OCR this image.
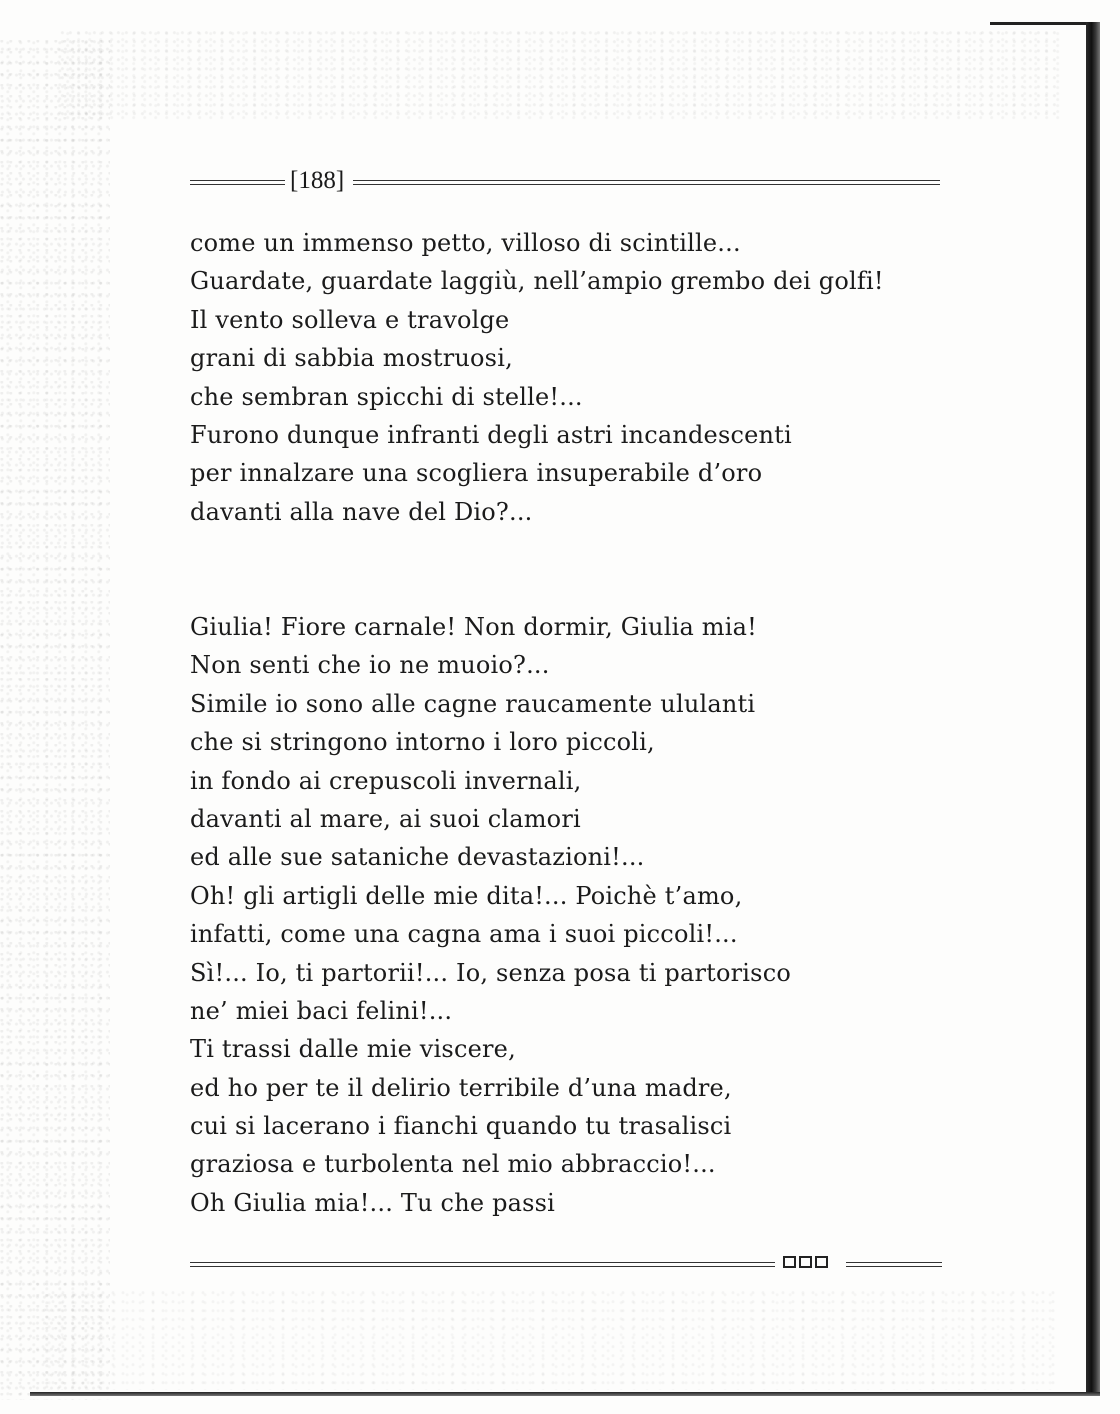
[188]
come un immenso petto, villoso di scintille...
Guardate, guardate laggiù, nell’ampio grembo dei golfi!
Il vento solleva e travolge
grani di sabbia mostruosi,
che sembran spicchi di stelle!...
Furono dunque infranti degli astri incandescenti
per innalzare una scogliera insuperabile d’oro
davanti alla nave del Dio?...
Giulia! Fiore carnale! Non dormir, Giulia mia!
Non senti che io ne muoio?...
Simile io sono alle cagne raucamente ululanti
che si stringono intorno i loro piccoli,
in fondo ai crepuscoli invernali,
davanti al mare, ai suoi clamori
ed alle sue sataniche devastazioni!...
Oh! gli artigli delle mie dita!... Poichè t’amo,
infatti, come una cagna ama i suoi piccoli!...
Sì!... Io, ti partorii!... Io, senza posa ti partorisco
ne’ miei baci felini!...
Ti trassi dalle mie viscere,
ed ho per te il delirio terribile d’una madre,
cui si lacerano i fianchi quando tu trasalisci
graziosa e turbolenta nel mio abbraccio!...
Oh Giulia mia!... Tu che passi
